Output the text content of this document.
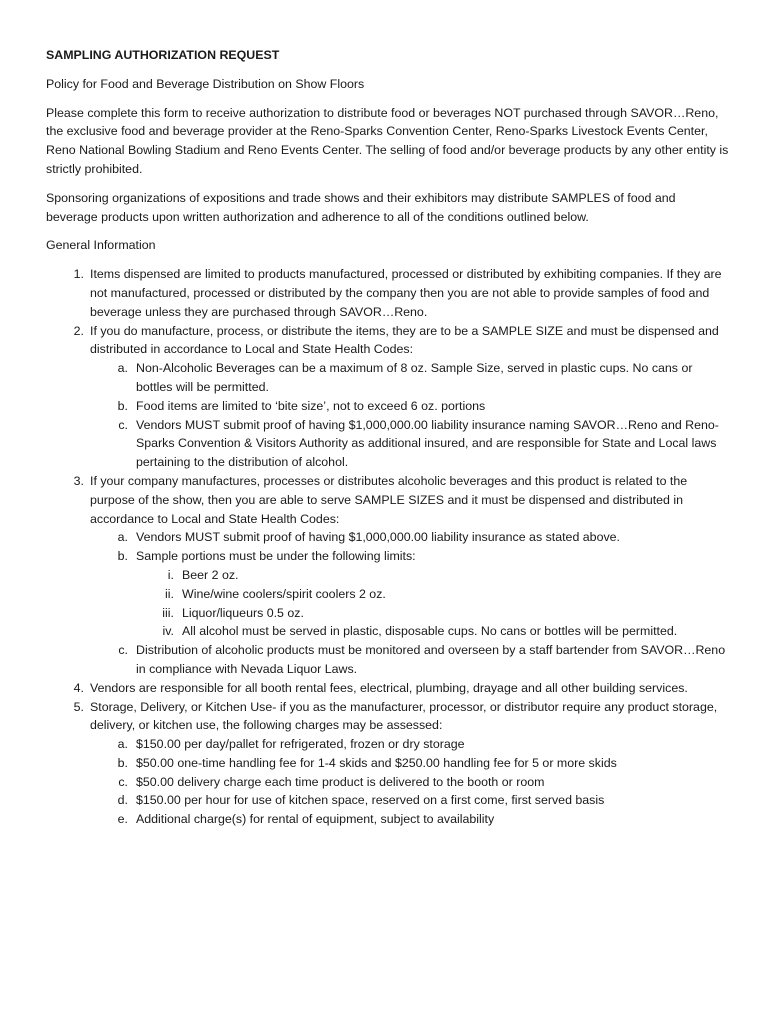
SAMPLING AUTHORIZATION REQUEST
Policy for Food and Beverage Distribution on Show Floors
Please complete this form to receive authorization to distribute food or beverages NOT purchased through SAVOR…Reno, the exclusive food and beverage provider at the Reno-Sparks Convention Center, Reno-Sparks Livestock Events Center, Reno National Bowling Stadium and Reno Events Center. The selling of food and/or beverage products by any other entity is strictly prohibited.
Sponsoring organizations of expositions and trade shows and their exhibitors may distribute SAMPLES of food and beverage products upon written authorization and adherence to all of the conditions outlined below.
General Information
1. Items dispensed are limited to products manufactured, processed or distributed by exhibiting companies. If they are not manufactured, processed or distributed by the company then you are not able to provide samples of food and beverage unless they are purchased through SAVOR…Reno.
2. If you do manufacture, process, or distribute the items, they are to be a SAMPLE SIZE and must be dispensed and distributed in accordance to Local and State Health Codes:
a. Non-Alcoholic Beverages can be a maximum of 8 oz. Sample Size, served in plastic cups. No cans or bottles will be permitted.
b. Food items are limited to ‘bite size’, not to exceed 6 oz. portions
c. Vendors MUST submit proof of having $1,000,000.00 liability insurance naming SAVOR…Reno and Reno-Sparks Convention & Visitors Authority as additional insured, and are responsible for State and Local laws pertaining to the distribution of alcohol.
3. If your company manufactures, processes or distributes alcoholic beverages and this product is related to the purpose of the show, then you are able to serve SAMPLE SIZES and it must be dispensed and distributed in accordance to Local and State Health Codes:
a. Vendors MUST submit proof of having $1,000,000.00 liability insurance as stated above.
b. Sample portions must be under the following limits:
i. Beer 2 oz.
ii. Wine/wine coolers/spirit coolers 2 oz.
iii. Liquor/liqueurs 0.5 oz.
iv. All alcohol must be served in plastic, disposable cups. No cans or bottles will be permitted.
c. Distribution of alcoholic products must be monitored and overseen by a staff bartender from SAVOR…Reno in compliance with Nevada Liquor Laws.
4. Vendors are responsible for all booth rental fees, electrical, plumbing, drayage and all other building services.
5. Storage, Delivery, or Kitchen Use- if you as the manufacturer, processor, or distributor require any product storage, delivery, or kitchen use, the following charges may be assessed:
a. $150.00 per day/pallet for refrigerated, frozen or dry storage
b. $50.00 one-time handling fee for 1-4 skids and $250.00 handling fee for 5 or more skids
c. $50.00 delivery charge each time product is delivered to the booth or room
d. $150.00 per hour for use of kitchen space, reserved on a first come, first served basis
e. Additional charge(s) for rental of equipment, subject to availability
